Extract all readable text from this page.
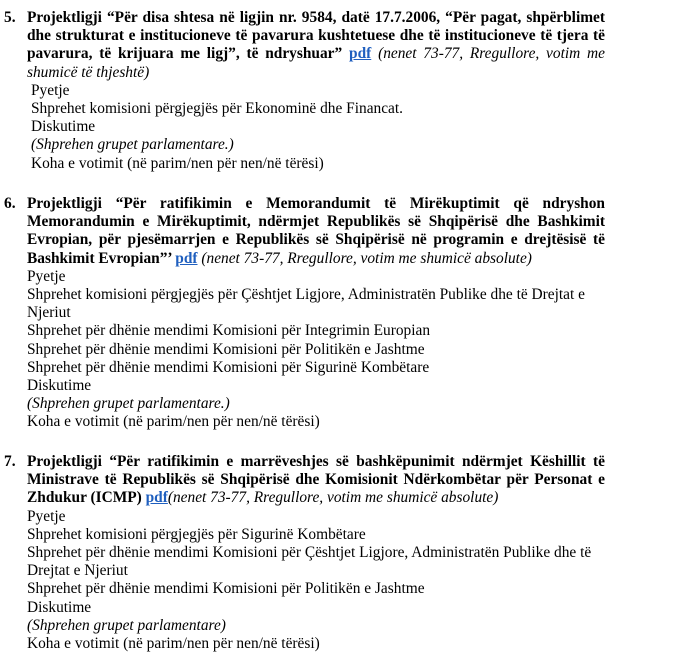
5. Projektligji “Për disa shtesa në ligjin nr. 9584, datë 17.7.2006, “Për pagat, shpërblimet dhe strukturat e institucioneve të pavarura kushtetuese dhe të institucioneve të tjera të pavarura, të krijuara me ligj”, të ndryshuar” pdf (nenet 73-77, Rregullore, votim me shumicë të thjeshtë)
Pyetje
Shprehet komisioni përgjegjës për Ekonominë dhe Financat.
Diskutime
(Shprehen grupet parlamentare.)
Koha e votimit (në parim/nen për nen/në tërësi)
6. Projektligji “Për ratifikimin e Memorandumit të Mirëkuptimit që ndryshon Memorandumin e Mirëkuptimit, ndërmjet Republikës së Shqipërisë dhe Bashkimit Evropian, për pjesëmarrjen e Republikës së Shqipërisë në programin e drejtësisë të Bashkimit Evropian”’ pdf (nenet 73-77, Rregullore, votim me shumicë absolute)
Pyetje
Shprehet komisioni përgjegjës për Çështjet Ligjore, Administratën Publike dhe të Drejtat e Njeriut
Shprehet për dhënie mendimi Komisioni për Integrimin Europian
Shprehet për dhënie mendimi Komisioni për Politikën e Jashtme
Shprehet për dhënie mendimi Komisioni për Sigurinë Kombëtare
Diskutime
(Shprehen grupet parlamentare.)
Koha e votimit (në parim/nen për nen/në tërësi)
7. Projektligji “Për ratifikimin e marrëveshjes së bashkëpunimit ndërmjet Këshillit të Ministrave të Republikës së Shqipërisë dhe Komisionit Ndërkombëtar për Personat e Zhdukur (ICMP) pdf(nenet 73-77, Rregullore, votim me shumicë absolute)
Pyetje
Shprehet komisioni përgjegjës për Sigurinë Kombëtare
Shprehet për dhënie mendimi Komisioni për Çështjet Ligjore, Administratën Publike dhe të Drejtat e Njeriut
Shprehet për dhënie mendimi Komisioni për Politikën e Jashtme
Diskutime
(Shprehen grupet parlamentare)
Koha e votimit (në parim/nen për nen/në tërësi)
